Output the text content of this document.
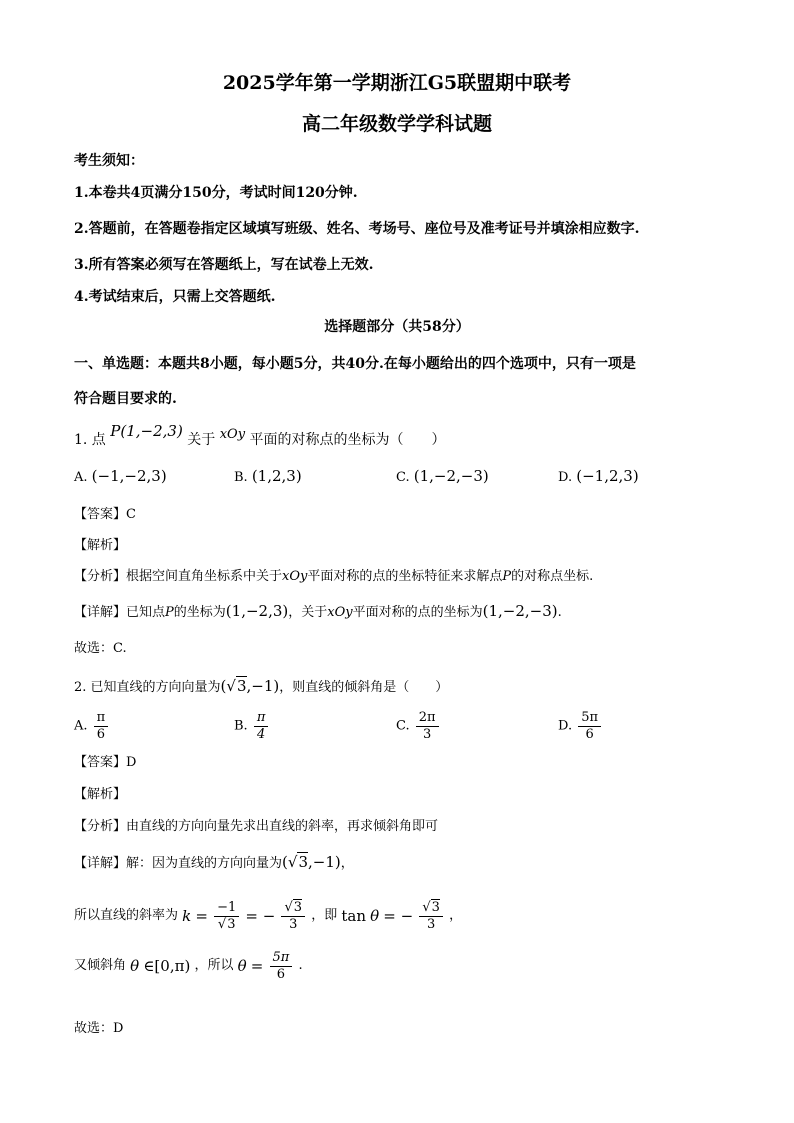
2025学年第一学期浙江G5联盟期中联考
高二年级数学学科试题
考生须知：
1.本卷共4页满分150分，考试时间120分钟.
2.答题前，在答题卷指定区域填写班级、姓名、考场号、座位号及准考证号并填涂相应数字.
3.所有答案必须写在答题纸上，写在试卷上无效.
4.考试结束后，只需上交答题纸.
选择题部分（共58分）
一、单选题：本题共8小题，每小题5分，共40分.在每小题给出的四个选项中，只有一项是
符合题目要求的.
1. 点 P(1,−2,3) 关于 xOy 平面的对称点的坐标为（　　）
A. (−1,−2,3)	B. (1,2,3)	C. (1,−2,−3)	D. (−1,2,3)
【答案】C
【解析】
【分析】根据空间直角坐标系中关于xOy平面对称的点的坐标特征来求解点P的对称点坐标.
【详解】已知点P的坐标为(1,−2,3)，关于xOy平面对称的点的坐标为(1,−2,−3).
故选：C.
2. 已知直线的方向向量为(√3,−1)，则直线的倾斜角是（　　）
A. $\frac{\pi}{6}$	B. $\frac{\pi}{4}$	C. $\frac{2\pi}{3}$	D. $\frac{5\pi}{6}$
【答案】D
【解析】
【分析】由直线的方向向量先求出直线的斜率，再求倾斜角即可
【详解】解：因为直线的方向向量为(√3,−1)，
所以直线的斜率为 $k = \frac{-1}{√3}$ = − $\frac{√3}{3}$ ，即 tan θ = − $\frac{√3}{3}$ ，
又倾斜角 θ ∈[0,π) ，所以 $\theta = \frac{5\pi}{6}$ .
故选：D
